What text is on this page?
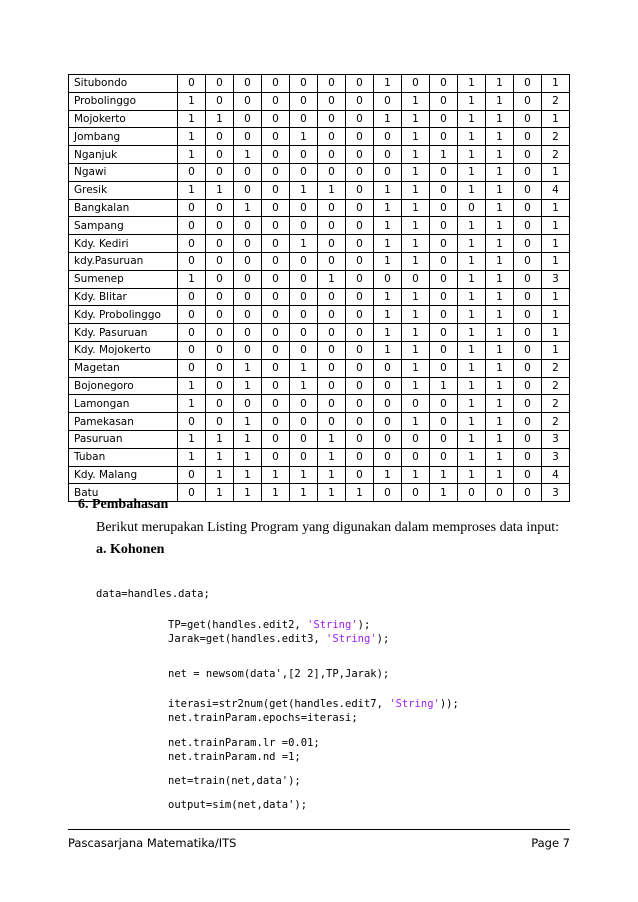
Situbondo	0	0	0	0	0	0	0	1	0	0	1	1	0	1
Probolinggo	1	0	0	0	0	0	0	0	1	0	1	1	0	2
Mojokerto	1	1	0	0	0	0	0	1	1	0	1	1	0	1
Jombang	1	0	0	0	1	0	0	0	1	0	1	1	0	2
Nganjuk	1	0	1	0	0	0	0	0	1	1	1	1	0	2
Ngawi	0	0	0	0	0	0	0	0	1	0	1	1	0	1
Gresik	1	1	0	0	1	1	0	1	1	0	1	1	0	4
Bangkalan	0	0	1	0	0	0	0	1	1	0	0	1	0	1
Sampang	0	0	0	0	0	0	0	1	1	0	1	1	0	1
Kdy. Kediri	0	0	0	0	1	0	0	1	1	0	1	1	0	1
kdy.Pasuruan	0	0	0	0	0	0	0	1	1	0	1	1	0	1
Sumenep	1	0	0	0	0	1	0	0	0	0	1	1	0	3
Kdy. Blitar	0	0	0	0	0	0	0	1	1	0	1	1	0	1
Kdy. Probolinggo	0	0	0	0	0	0	0	1	1	0	1	1	0	1
Kdy. Pasuruan	0	0	0	0	0	0	0	1	1	0	1	1	0	1
Kdy. Mojokerto	0	0	0	0	0	0	0	1	1	0	1	1	0	1
Magetan	0	0	1	0	1	0	0	0	1	0	1	1	0	2
Bojonegoro	1	0	1	0	1	0	0	0	1	1	1	1	0	2
Lamongan	1	0	0	0	0	0	0	0	0	0	1	1	0	2
Pamekasan	0	0	1	0	0	0	0	0	1	0	1	1	0	2
Pasuruan	1	1	1	0	0	1	0	0	0	0	1	1	0	3
Tuban	1	1	1	0	0	1	0	0	0	0	1	1	0	3
Kdy. Malang	0	1	1	1	1	1	0	1	1	1	1	1	0	4
Batu	0	1	1	1	1	1	1	0	0	1	0	0	0	3
6. Pembahasan
Berikut merupakan Listing Program yang digunakan dalam memproses data input:
a. Kohonen
data=handles.data;
TP=get(handles.edit2, 'String');
Jarak=get(handles.edit3, 'String');
net = newsom(data',[2 2],TP,Jarak);
iterasi=str2num(get(handles.edit7, 'String'));
net.trainParam.epochs=iterasi;
net.trainParam.lr =0.01;
net.trainParam.nd =1;
net=train(net,data');
output=sim(net,data');
Pascasarjana Matematika/ITS	Page 7
